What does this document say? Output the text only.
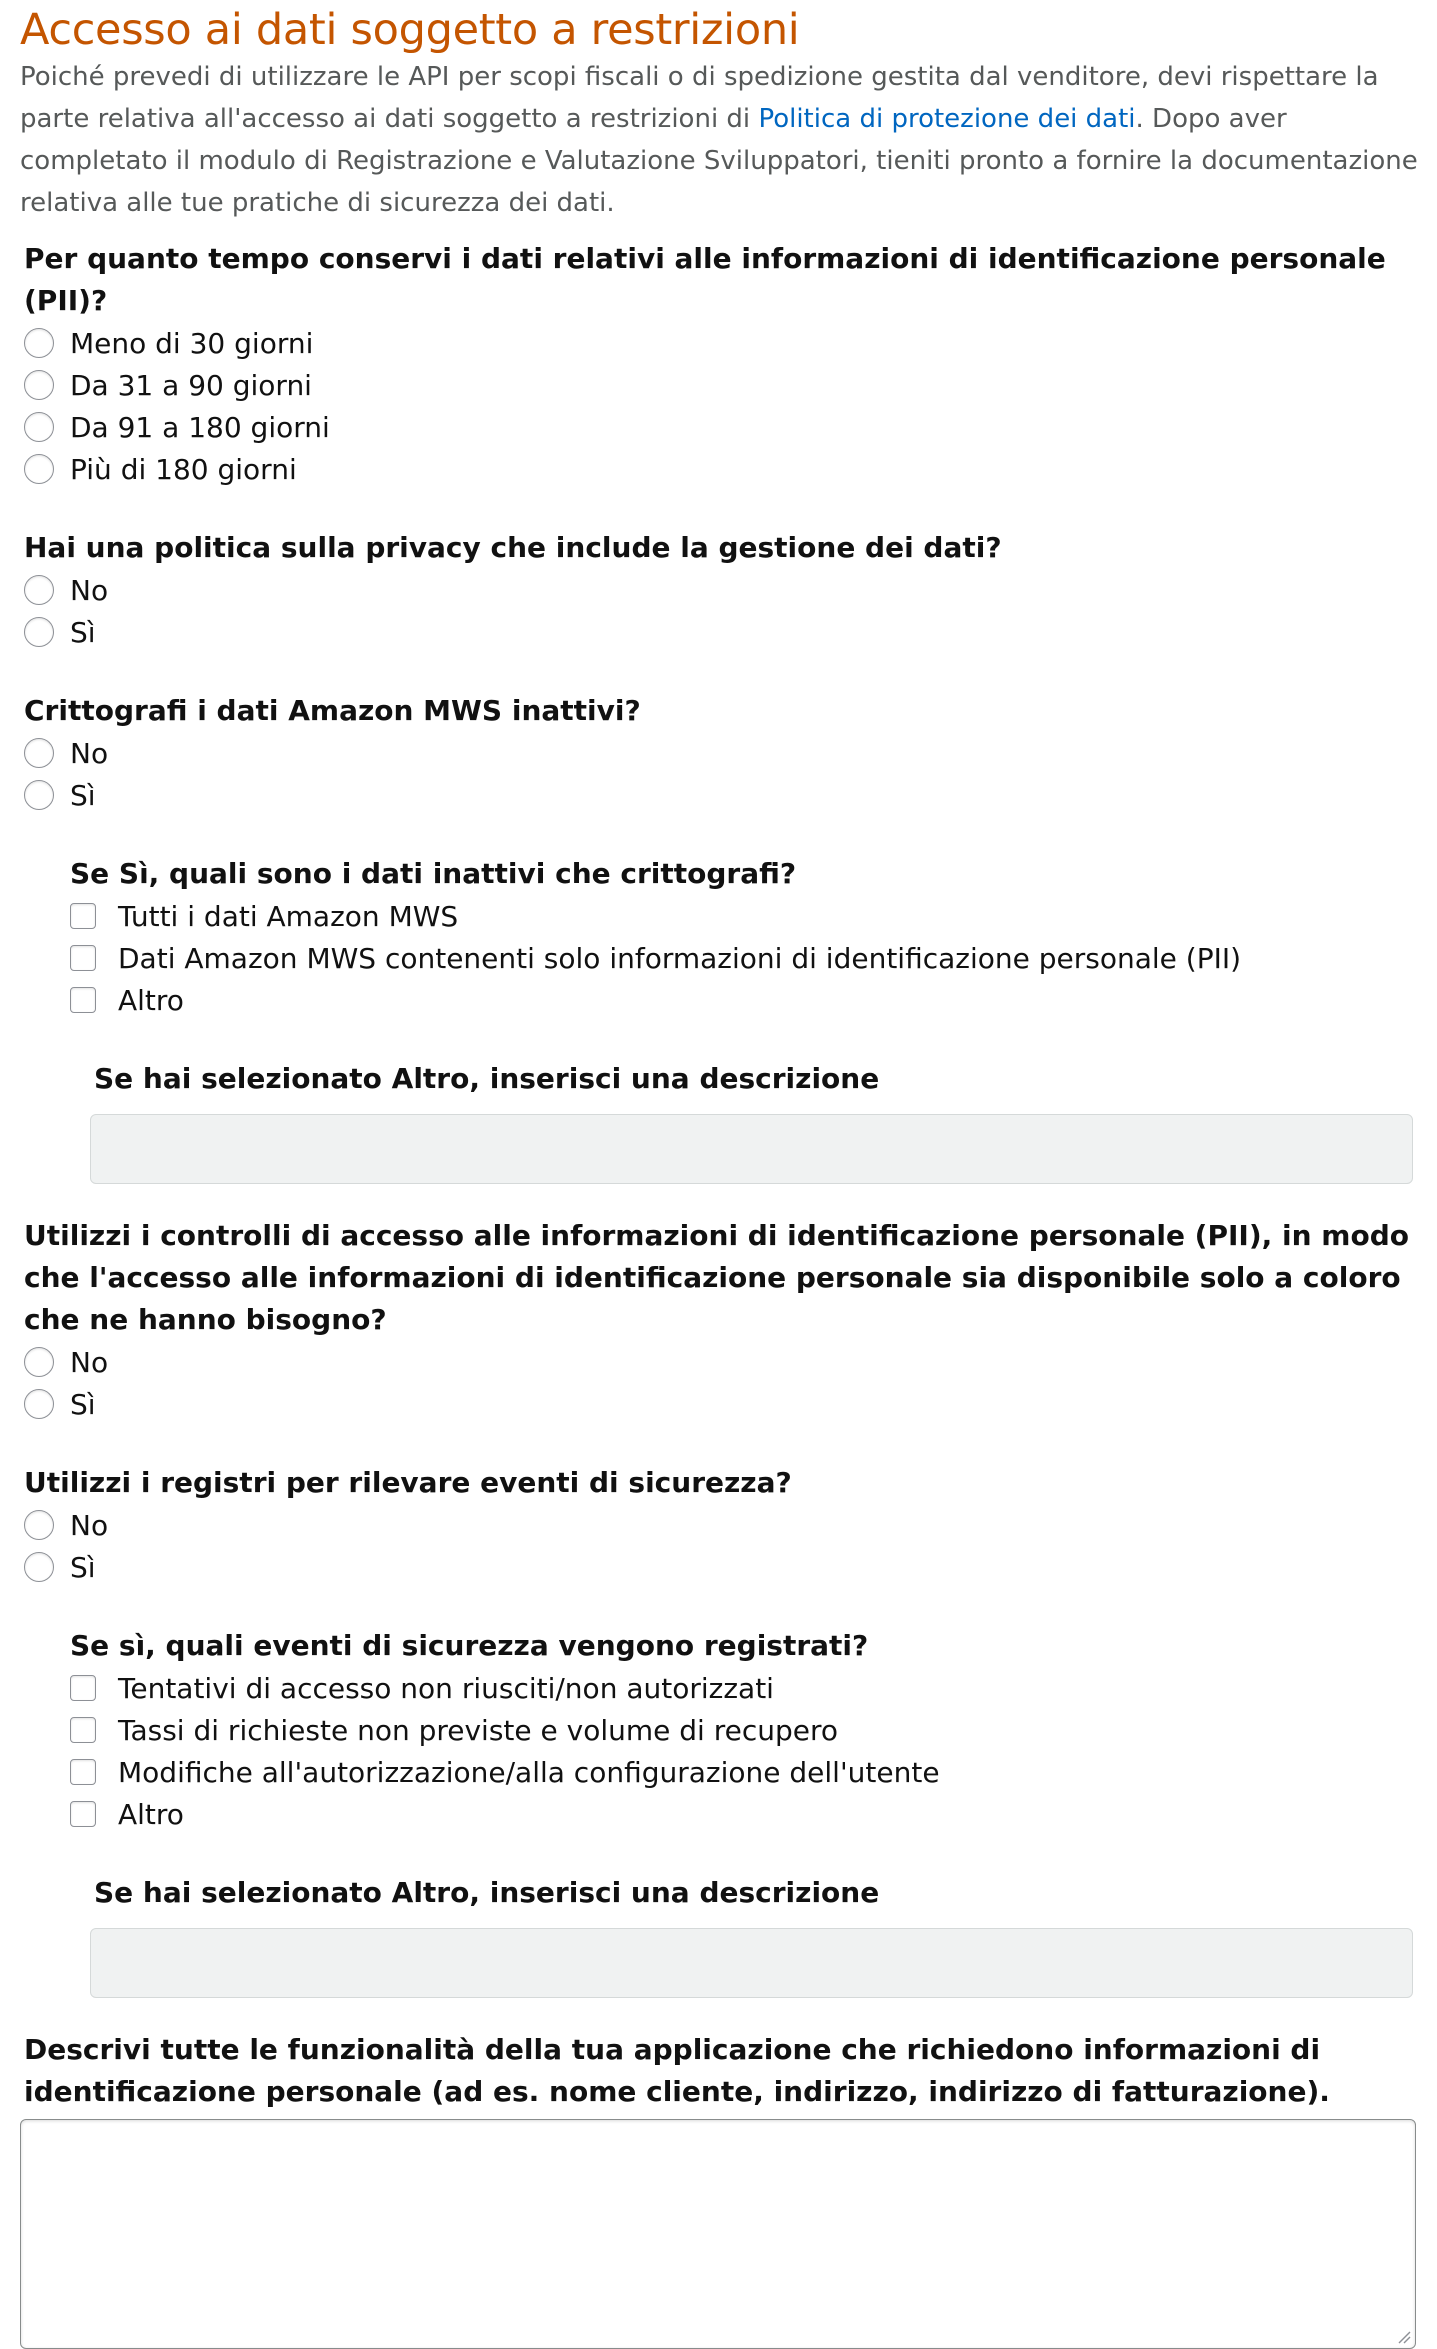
Accesso ai dati soggetto a restrizioni

Poiché prevedi di utilizzare le API per scopi fiscali o di spedizione gestita dal venditore, devi rispettare la parte relativa all'accesso ai dati soggetto a restrizioni di Politica di protezione dei dati. Dopo aver completato il modulo di Registrazione e Valutazione Sviluppatori, tieniti pronto a fornire la documentazione relativa alle tue pratiche di sicurezza dei dati.

Per quanto tempo conservi i dati relativi alle informazioni di identificazione personale (PII)?
Meno di 30 giorni
Da 31 a 90 giorni
Da 91 a 180 giorni
Più di 180 giorni
Hai una politica sulla privacy che include la gestione dei dati?
No
Sì
Crittografi i dati Amazon MWS inattivi?
No
Sì
Se Sì, quali sono i dati inattivi che crittografi?
Tutti i dati Amazon MWS
Dati Amazon MWS contenenti solo informazioni di identificazione personale (PII)
Altro
Se hai selezionato Altro, inserisci una descrizione
Utilizzi i controlli di accesso alle informazioni di identificazione personale (PII), in modo che l'accesso alle informazioni di identificazione personale sia disponibile solo a coloro che ne hanno bisogno?
No
Sì
Utilizzi i registri per rilevare eventi di sicurezza?
No
Sì
Se sì, quali eventi di sicurezza vengono registrati?
Tentativi di accesso non riusciti/non autorizzati
Tassi di richieste non previste e volume di recupero
Modifiche all'autorizzazione/alla configurazione dell'utente
Altro
Se hai selezionato Altro, inserisci una descrizione
Descrivi tutte le funzionalità della tua applicazione che richiedono informazioni di identificazione personale (ad es. nome cliente, indirizzo, indirizzo di fatturazione).
